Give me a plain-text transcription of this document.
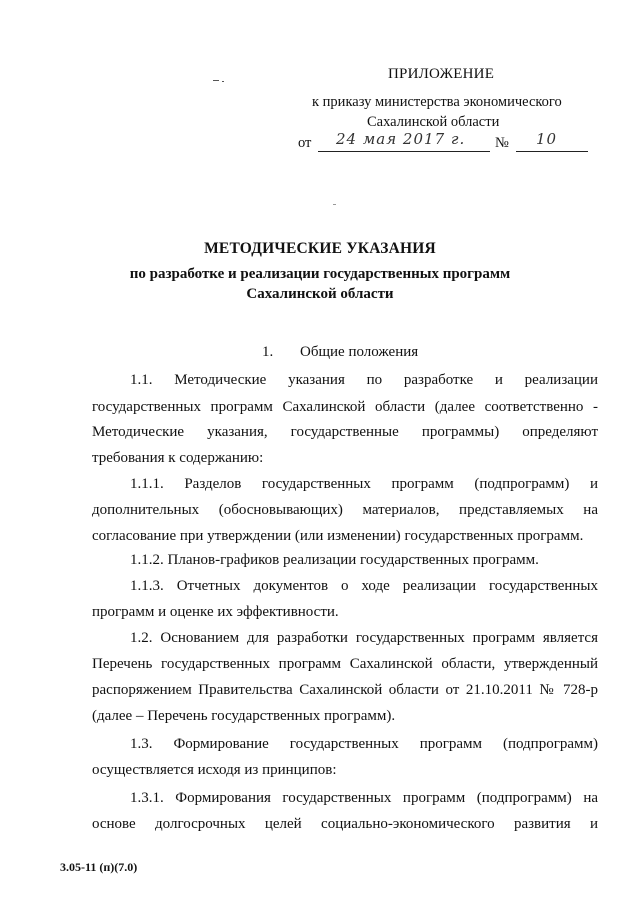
ПРИЛОЖЕНИЕ
к приказу министерства экономического
Сахалинской области
от 24 мая 2017 г. № 10
МЕТОДИЧЕСКИЕ УКАЗАНИЯ
по разработке и реализации государственных программ
Сахалинской области
1. Общие положения
1.1. Методические указания по разработке и реализации
государственных программ Сахалинской области (далее соответственно -
Методические указания, государственные программы) определяют
требования к содержанию:
1.1.1. Разделов государственных программ (подпрограмм) и
дополнительных (обосновывающих) материалов, представляемых на
согласование при утверждении (или изменении) государственных программ.
1.1.2. Планов-графиков реализации государственных программ.
1.1.3. Отчетных документов о ходе реализации государственных
программ и оценке их эффективности.
1.2. Основанием для разработки государственных программ является
Перечень государственных программ Сахалинской области, утвержденный
распоряжением Правительства Сахалинской области от 21.10.2011 № 728-р
(далее – Перечень государственных программ).
1.3. Формирование государственных программ (подпрограмм)
осуществляется исходя из принципов:
1.3.1. Формирования государственных программ (подпрограмм) на
основе долгосрочных целей социально-экономического развития и
3.05-11 (п)(7.0)
